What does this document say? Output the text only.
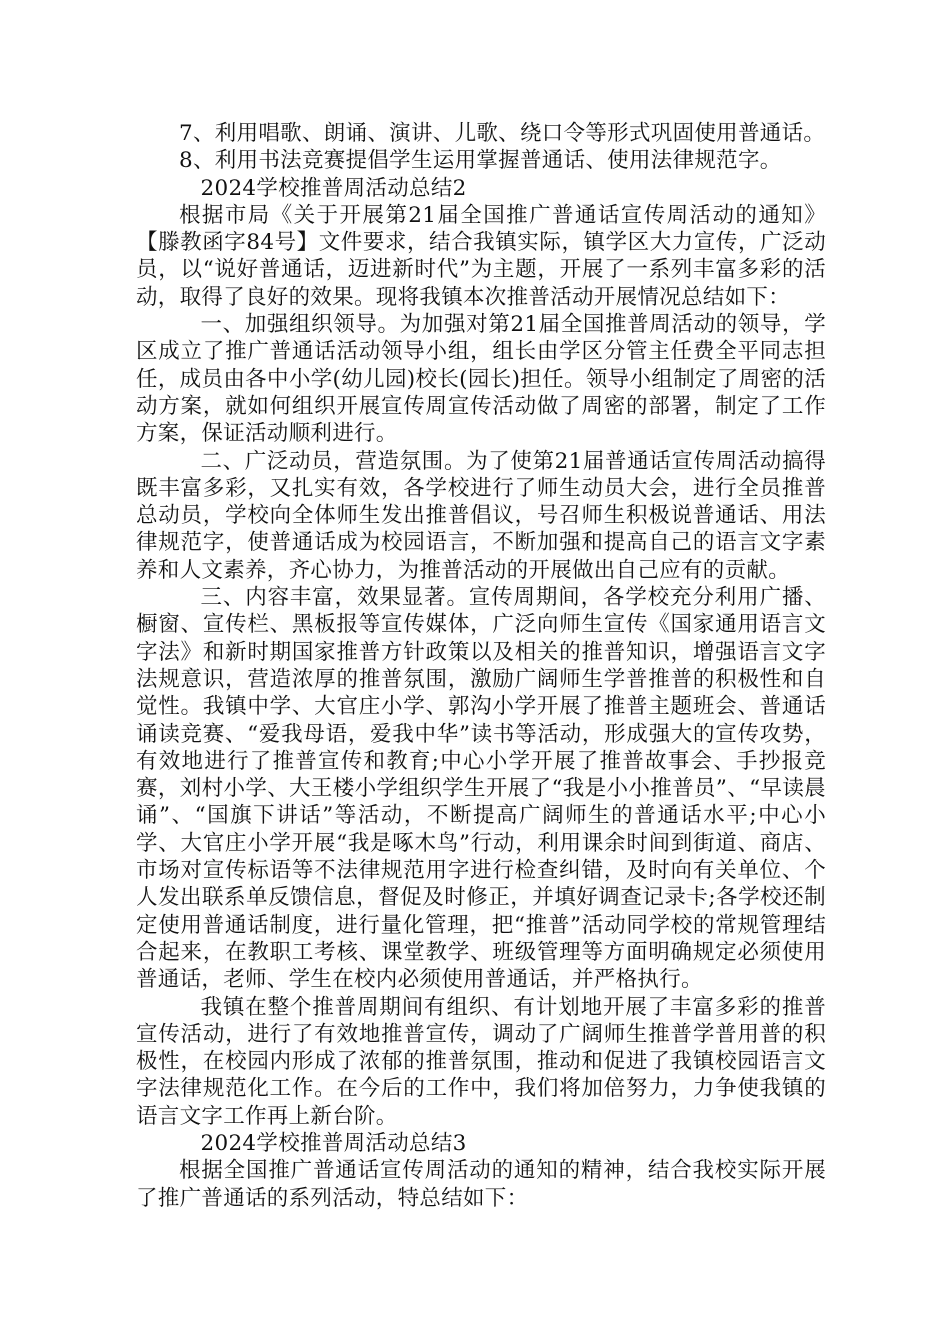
7、利用唱歌、朗诵、演讲、儿歌、绕口令等形式巩固使用普通话。

8、利用书法竞赛提倡学生运用掌握普通话、使用法律规范字。

2024学校推普周活动总结2

根据市局《关于开展第21届全国推广普通话宣传周活动的通知》【滕教函字84号】文件要求，结合我镇实际，镇学区大力宣传，广泛动员，以“说好普通话，迈进新时代”为主题，开展了一系列丰富多彩的活动，取得了良好的效果。现将我镇本次推普活动开展情况总结如下：

一、加强组织领导。为加强对第21届全国推普周活动的领导，学区成立了推广普通话活动领导小组，组长由学区分管主任费全平同志担任，成员由各中小学(幼儿园)校长(园长)担任。领导小组制定了周密的活动方案，就如何组织开展宣传周宣传活动做了周密的部署，制定了工作方案，保证活动顺利进行。

二、广泛动员，营造氛围。为了使第21届普通话宣传周活动搞得既丰富多彩，又扎实有效，各学校进行了师生动员大会，进行全员推普总动员，学校向全体师生发出推普倡议，号召师生积极说普通话、用法律规范字，使普通话成为校园语言，不断加强和提高自己的语言文字素养和人文素养，齐心协力，为推普活动的开展做出自己应有的贡献。

三、内容丰富，效果显著。宣传周期间，各学校充分利用广播、橱窗、宣传栏、黑板报等宣传媒体，广泛向师生宣传《国家通用语言文字法》和新时期国家推普方针政策以及相关的推普知识，增强语言文字法规意识，营造浓厚的推普氛围，激励广阔师生学普推普的积极性和自觉性。我镇中学、大官庄小学、郭沟小学开展了推普主题班会、普通话诵读竞赛、“爱我母语，爱我中华”读书等活动，形成强大的宣传攻势，有效地进行了推普宣传和教育;中心小学开展了推普故事会、手抄报竞赛，刘村小学、大王楼小学组织学生开展了“我是小小推普员”、“早读晨诵”、“国旗下讲话”等活动，不断提高广阔师生的普通话水平;中心小学、大官庄小学开展“我是啄木鸟”行动，利用课余时间到街道、商店、市场对宣传标语等不法律规范用字进行检查纠错，及时向有关单位、个人发出联系单反馈信息，督促及时修正，并填好调查记录卡;各学校还制定使用普通话制度，进行量化管理，把“推普”活动同学校的常规管理结合起来，在教职工考核、课堂教学、班级管理等方面明确规定必须使用普通话，老师、学生在校内必须使用普通话，并严格执行。

我镇在整个推普周期间有组织、有计划地开展了丰富多彩的推普宣传活动，进行了有效地推普宣传，调动了广阔师生推普学普用普的积极性，在校园内形成了浓郁的推普氛围，推动和促进了我镇校园语言文字法律规范化工作。在今后的工作中，我们将加倍努力，力争使我镇的语言文字工作再上新台阶。

2024学校推普周活动总结3

根据全国推广普通话宣传周活动的通知的精神，结合我校实际开展了推广普通话的系列活动，特总结如下：
